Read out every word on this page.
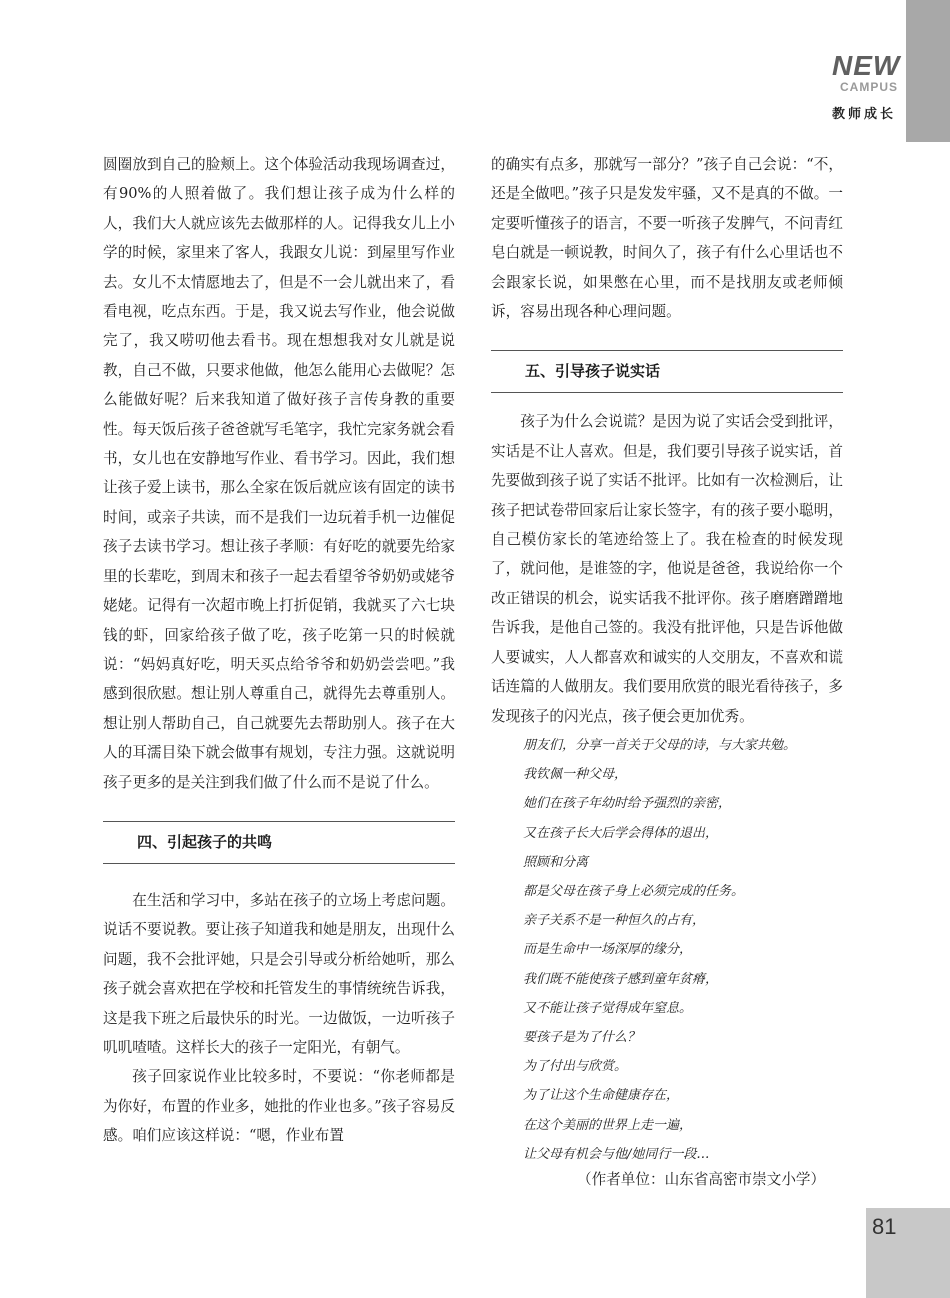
81
NEW
CAMPUS
教师成长

圆圈放到自己的脸颊上。这个体验活动我现场调查过，有90%的人照着做了。我们想让孩子成为什么样的人，我们大人就应该先去做那样的人。记得我女儿上小学的时候，家里来了客人，我跟女儿说：到屋里写作业去。女儿不太情愿地去了，但是不一会儿就出来了，看看电视，吃点东西。于是，我又说去写作业，他会说做完了，我又唠叨他去看书。现在想想我对女儿就是说教，自己不做，只要求他做，他怎么能用心去做呢？怎么能做好呢？后来我知道了做好孩子言传身教的重要性。每天饭后孩子爸爸就写毛笔字，我忙完家务就会看书，女儿也在安静地写作业、看书学习。因此，我们想让孩子爱上读书，那么全家在饭后就应该有固定的读书时间，或亲子共读，而不是我们一边玩着手机一边催促孩子去读书学习。想让孩子孝顺：有好吃的就要先给家里的长辈吃，到周末和孩子一起去看望爷爷奶奶或姥爷姥姥。记得有一次超市晚上打折促销，我就买了六七块钱的虾，回家给孩子做了吃，孩子吃第一只的时候就说：“妈妈真好吃，明天买点给爷爷和奶奶尝尝吧。”我感到很欣慰。想让别人尊重自己，就得先去尊重别人。想让别人帮助自己，自己就要先去帮助别人。孩子在大人的耳濡目染下就会做事有规划，专注力强。这就说明孩子更多的是关注到我们做了什么而不是说了什么。

四、引起孩子的共鸣

在生活和学习中，多站在孩子的立场上考虑问题。说话不要说教。要让孩子知道我和她是朋友，出现什么问题，我不会批评她，只是会引导或分析给她听，那么孩子就会喜欢把在学校和托管发生的事情统统告诉我，这是我下班之后最快乐的时光。一边做饭，一边听孩子叽叽喳喳。这样长大的孩子一定阳光，有朝气。

孩子回家说作业比较多时，不要说：“你老师都是为你好，布置的作业多，她批的作业也多。”孩子容易反感。咱们应该这样说：“嗯，作业布置

的确实有点多，那就写一部分？”孩子自己会说：“不，还是全做吧。”孩子只是发发牢骚，又不是真的不做。一定要听懂孩子的语言，不要一听孩子发脾气，不问青红皂白就是一顿说教，时间久了，孩子有什么心里话也不会跟家长说，如果憋在心里，而不是找朋友或老师倾诉，容易出现各种心理问题。

五、引导孩子说实话

孩子为什么会说谎？是因为说了实话会受到批评，实话是不让人喜欢。但是，我们要引导孩子说实话，首先要做到孩子说了实话不批评。比如有一次检测后，让孩子把试卷带回家后让家长签字，有的孩子要小聪明，自己模仿家长的笔迹给签上了。我在检查的时候发现了，就问他，是谁签的字，他说是爸爸，我说给你一个改正错误的机会，说实话我不批评你。孩子磨磨蹭蹭地告诉我，是他自己签的。我没有批评他，只是告诉他做人要诚实，人人都喜欢和诚实的人交朋友，不喜欢和谎话连篇的人做朋友。我们要用欣赏的眼光看待孩子，多发现孩子的闪光点，孩子便会更加优秀。

朋友们，分享一首关于父母的诗，与大家共勉。
我钦佩一种父母，
她们在孩子年幼时给予强烈的亲密，
又在孩子长大后学会得体的退出，
照顾和分离
都是父母在孩子身上必须完成的任务。
亲子关系不是一种恒久的占有，
而是生命中一场深厚的缘分，
我们既不能使孩子感到童年贫瘠，
又不能让孩子觉得成年窒息。
要孩子是为了什么？
为了付出与欣赏。
为了让这个生命健康存在，
在这个美丽的世界上走一遍，
让父母有机会与他/她同行一段…
（作者单位：山东省高密市崇文小学）
